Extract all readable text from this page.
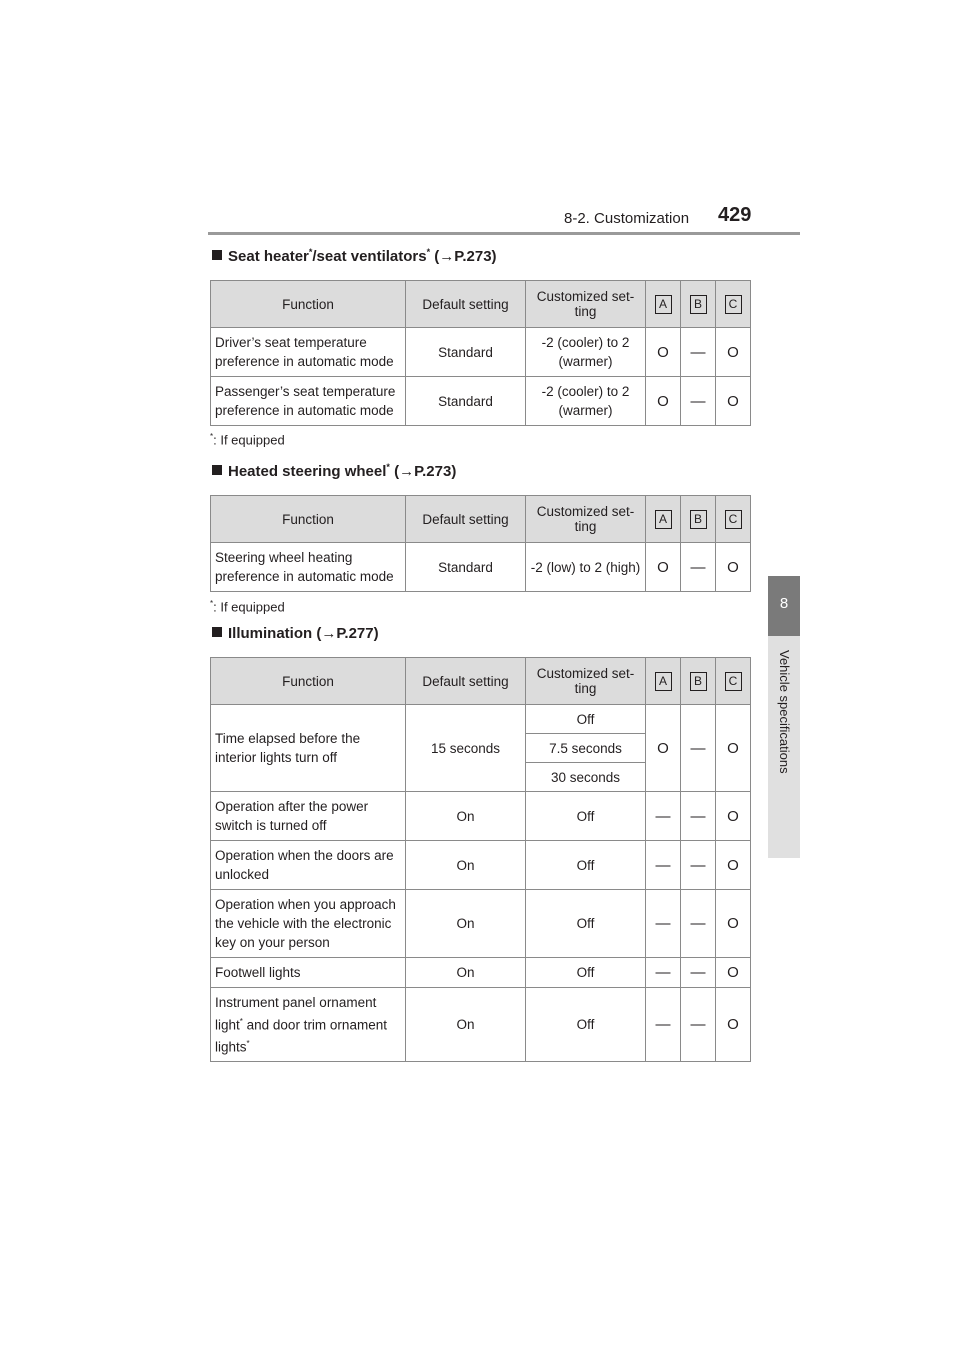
8-2. Customization 429
8
Vehicle specifications
Seat heater*/seat ventilators* (→P.273)
Function	Default setting	Customized set-ting	A	B	C
Driver’s seat temperature preference in automatic mode	Standard	-2 (cooler) to 2 (warmer)	O	—	O
Passenger’s seat temperature preference in automatic mode	Standard	-2 (cooler) to 2 (warmer)	O	—	O
*: If equipped
Heated steering wheel* (→P.273)
Function	Default setting	Customized set-ting	A	B	C
Steering wheel heating preference in automatic mode	Standard	-2 (low) to 2 (high)	O	—	O
*: If equipped
Illumination (→P.277)
Function	Default setting	Customized set-ting	A	B	C
Time elapsed before the interior lights turn off	15 seconds	Off	O	—	O
		7.5 seconds			
		30 seconds			
Operation after the power switch is turned off	On	Off	—	—	O
Operation when the doors are unlocked	On	Off	—	—	O
Operation when you approach the vehicle with the electronic key on your person	On	Off	—	—	O
Footwell lights	On	Off	—	—	O
Instrument panel ornament light* and door trim ornament lights*	On	Off	—	—	O
